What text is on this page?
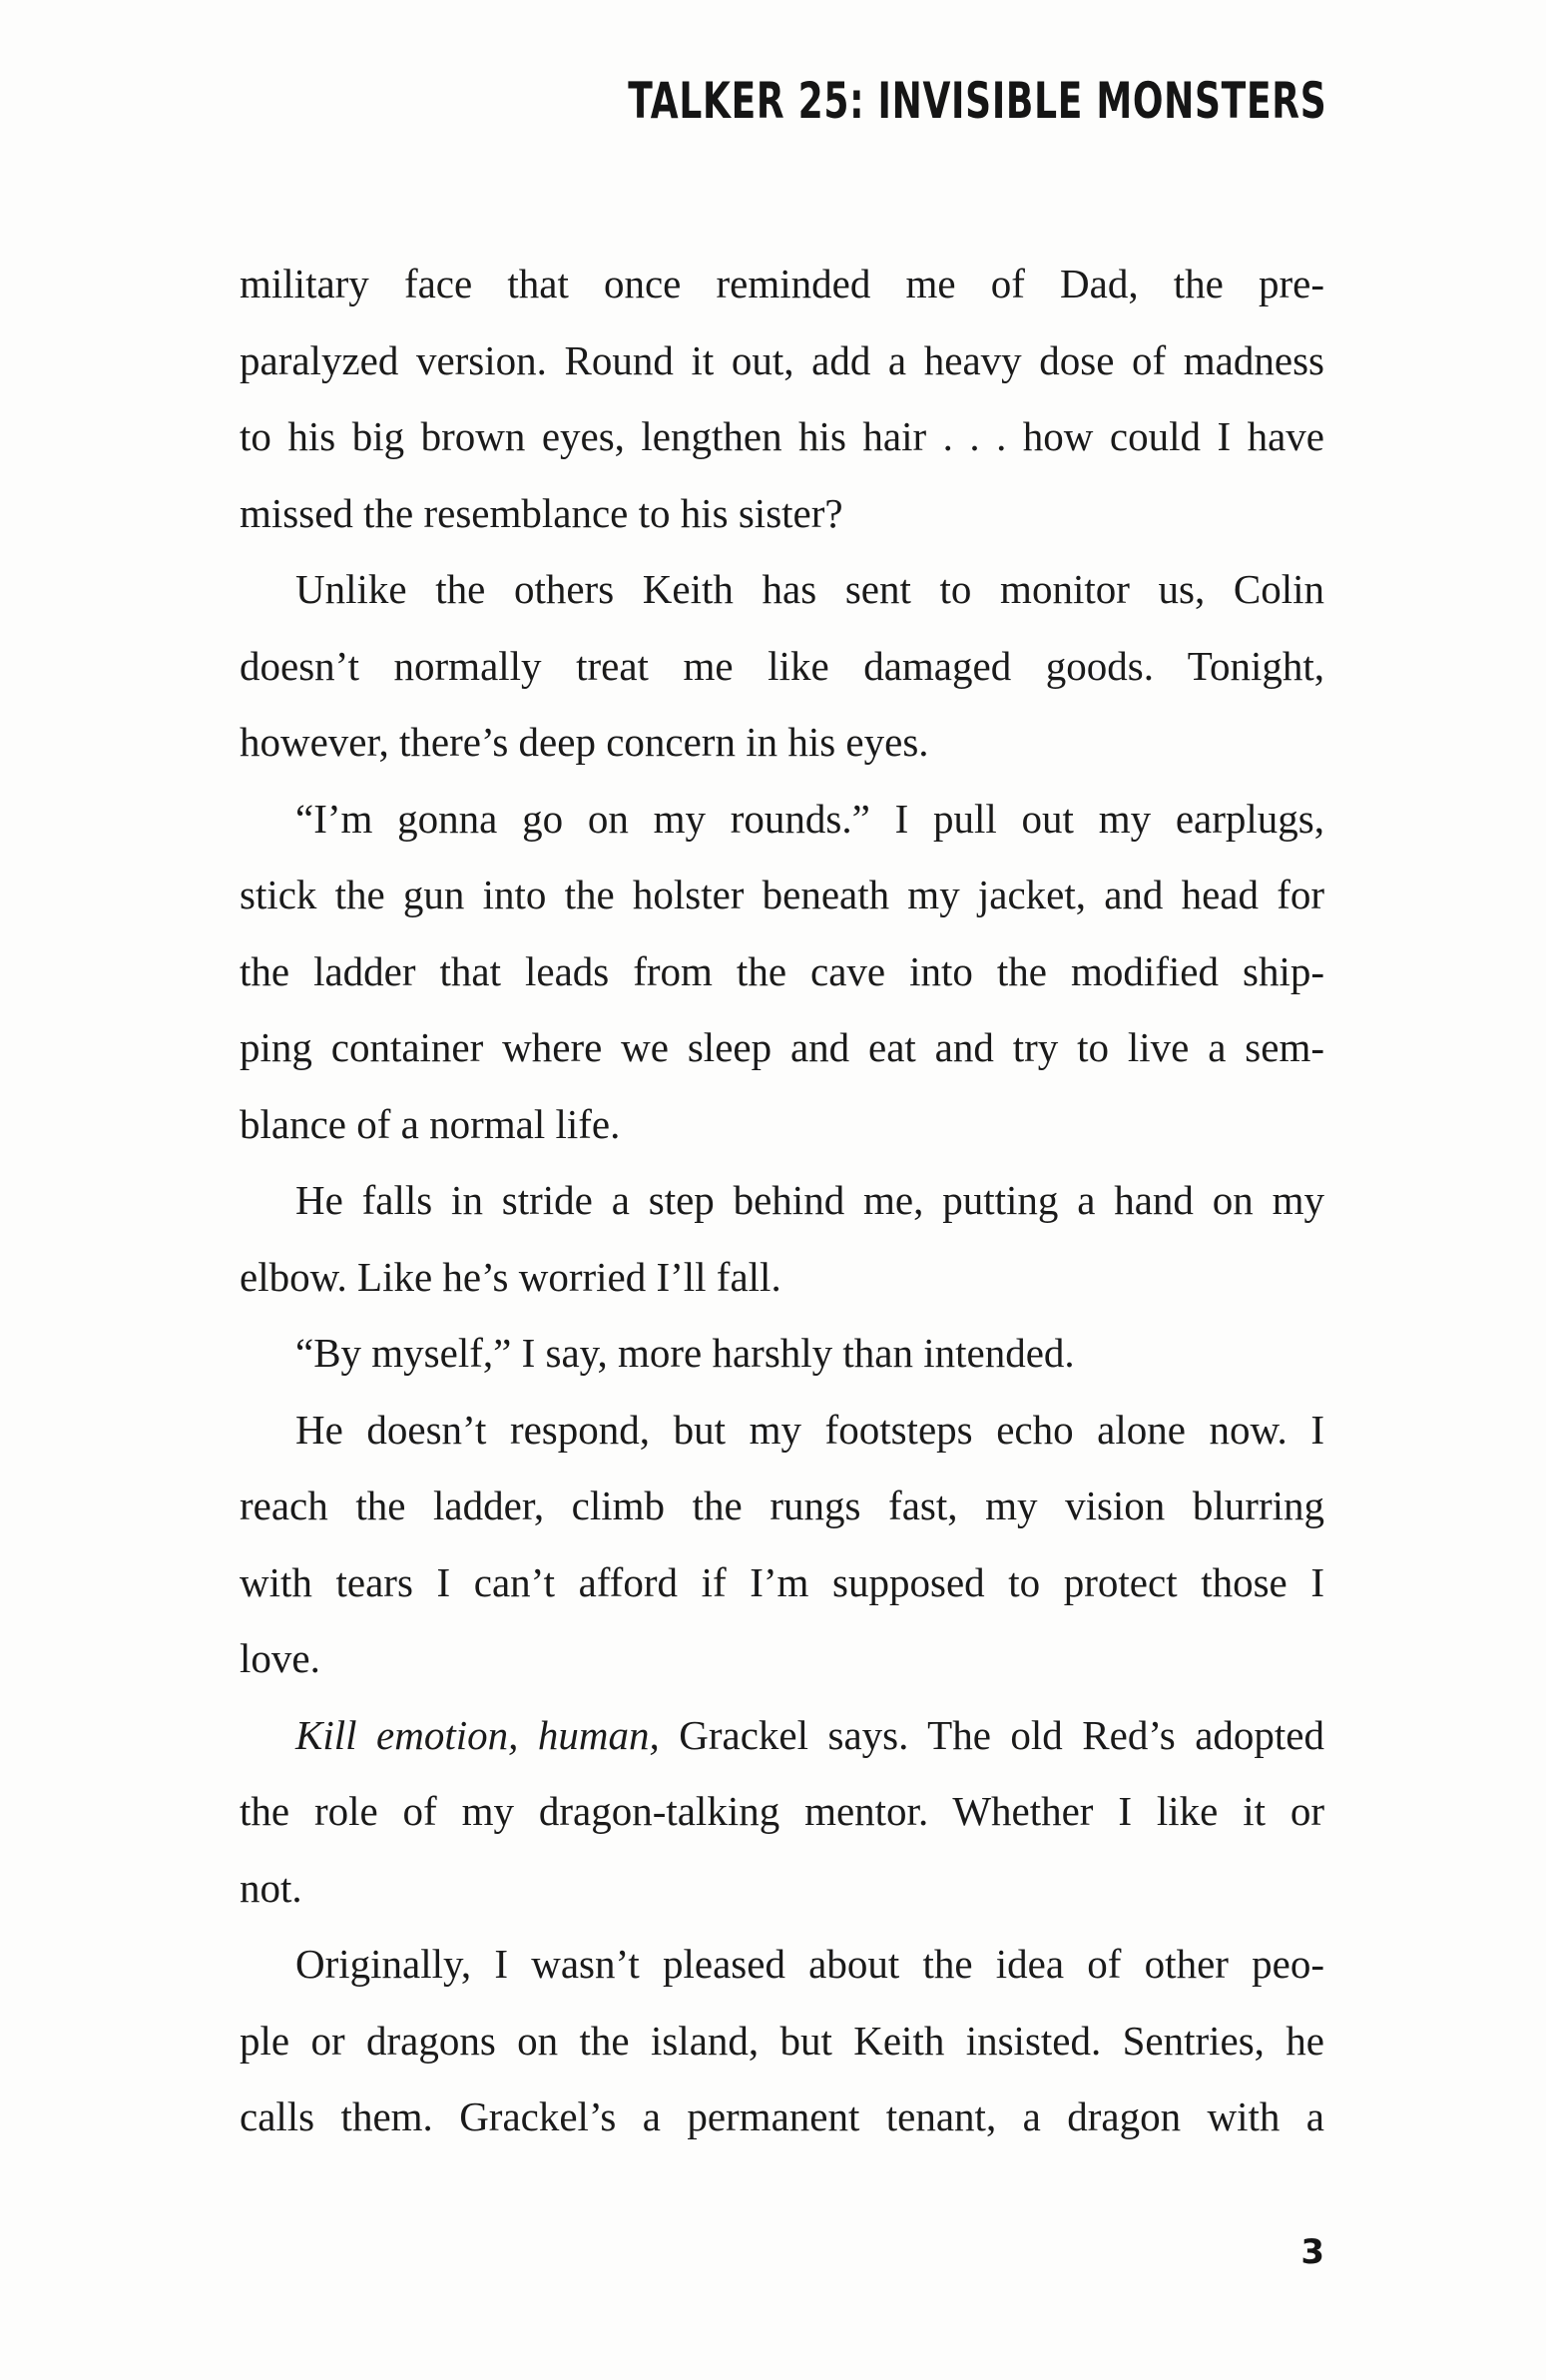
TALKER 25: INVISIBLE MONSTERS

military face that once reminded me of Dad, the pre-
paralyzed version. Round it out, add a heavy dose of madness
to his big brown eyes, lengthen his hair . . . how could I have
missed the resemblance to his sister?

Unlike the others Keith has sent to monitor us, Colin
doesn’t normally treat me like damaged goods. Tonight,
however, there’s deep concern in his eyes.

“I’m gonna go on my rounds.” I pull out my earplugs,
stick the gun into the holster beneath my jacket, and head for
the ladder that leads from the cave into the modified ship-
ping container where we sleep and eat and try to live a sem-
blance of a normal life.

He falls in stride a step behind me, putting a hand on my
elbow. Like he’s worried I’ll fall.

“By myself,” I say, more harshly than intended.

He doesn’t respond, but my footsteps echo alone now. I
reach the ladder, climb the rungs fast, my vision blurring
with tears I can’t afford if I’m supposed to protect those I
love.

Kill emotion, human, Grackel says. The old Red’s adopted
the role of my dragon-talking mentor. Whether I like it or
not.

Originally, I wasn’t pleased about the idea of other peo-
ple or dragons on the island, but Keith insisted. Sentries, he
calls them. Grackel’s a permanent tenant, a dragon with a

3
